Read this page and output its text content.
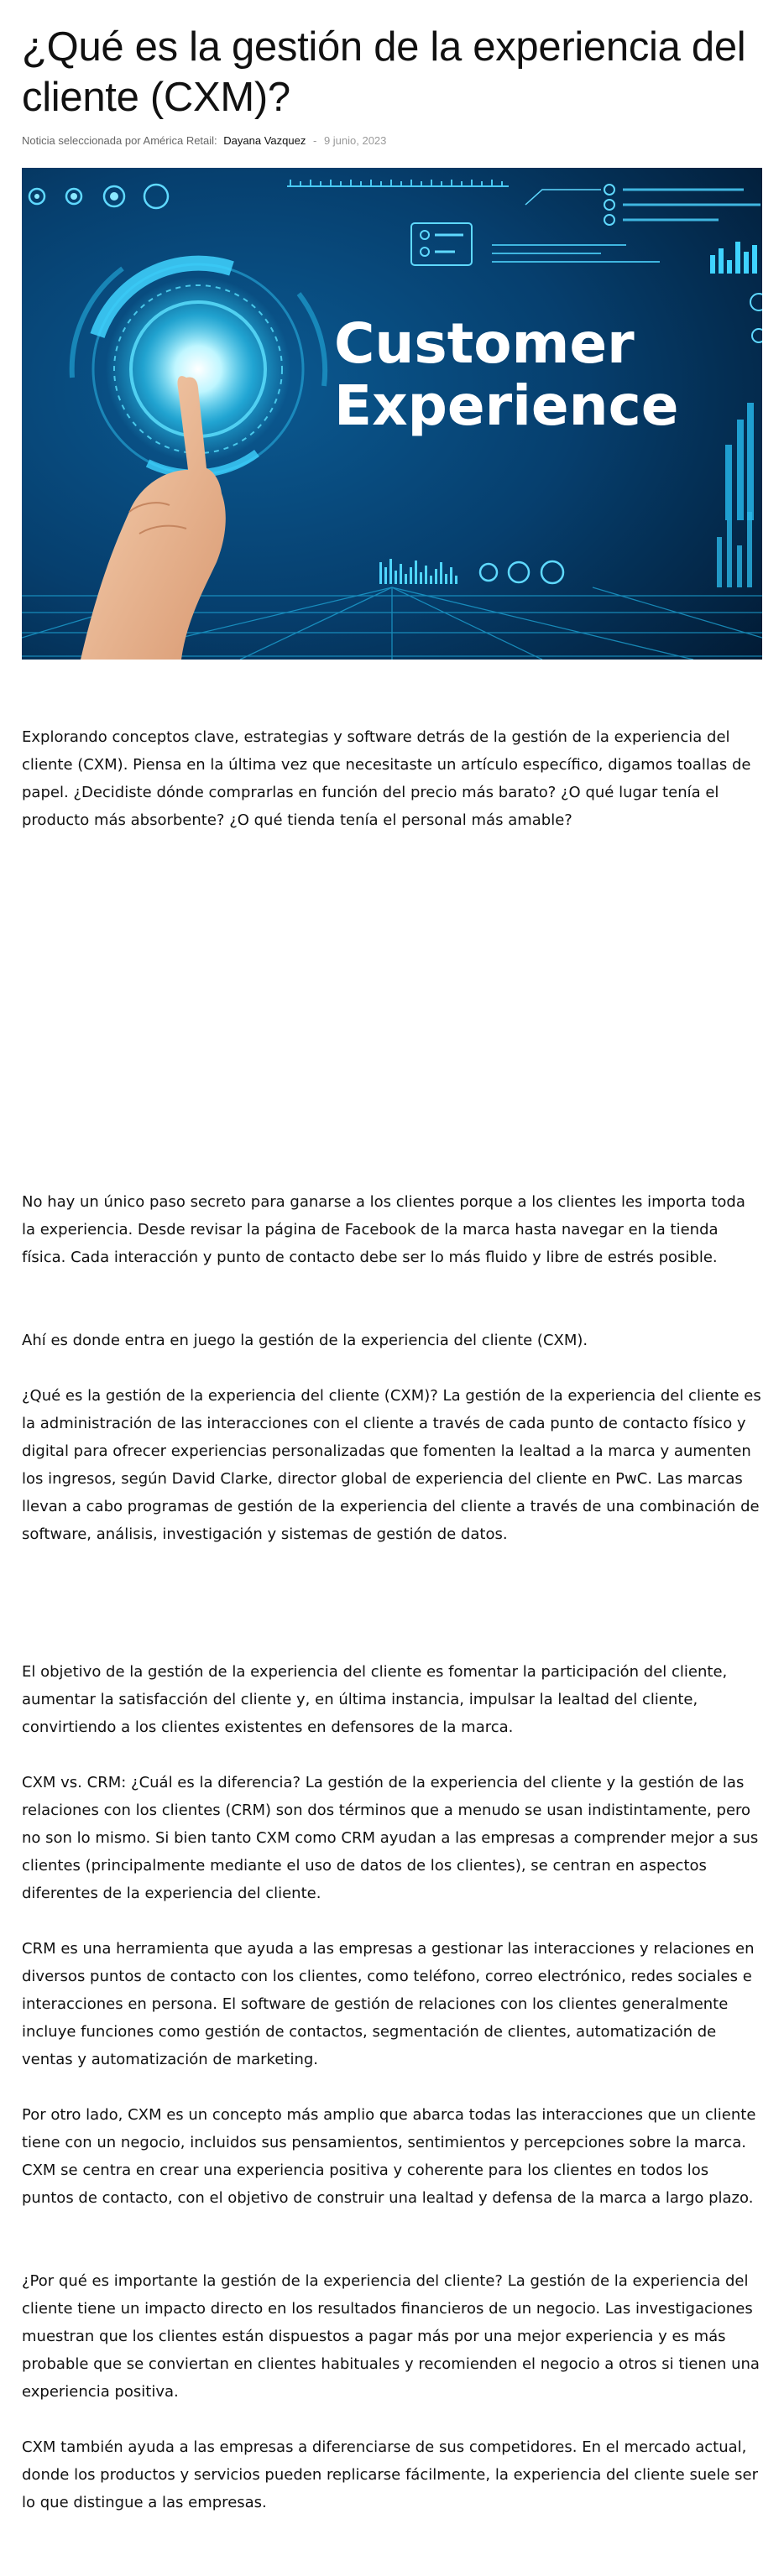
¿Qué es la gestión de la experiencia del cliente (CXM)?
Noticia seleccionada por América Retail: Dayana Vazquez - 9 junio, 2023
Customer
Experience

Explorando conceptos clave, estrategias y software detrás de la gestión de la experiencia del cliente (CXM). Piensa en la última vez que necesitaste un artículo específico, digamos toallas de papel. ¿Decidiste dónde comprarlas en función del precio más barato? ¿O qué lugar tenía el producto más absorbente? ¿O qué tienda tenía el personal más amable?

No hay un único paso secreto para ganarse a los clientes porque a los clientes les importa toda la experiencia. Desde revisar la página de Facebook de la marca hasta navegar en la tienda física. Cada interacción y punto de contacto debe ser lo más fluido y libre de estrés posible.

Ahí es donde entra en juego la gestión de la experiencia del cliente (CXM).

¿Qué es la gestión de la experiencia del cliente (CXM)? La gestión de la experiencia del cliente es la administración de las interacciones con el cliente a través de cada punto de contacto físico y digital para ofrecer experiencias personalizadas que fomenten la lealtad a la marca y aumenten los ingresos, según David Clarke, director global de experiencia del cliente en PwC. Las marcas llevan a cabo programas de gestión de la experiencia del cliente a través de una combinación de software, análisis, investigación y sistemas de gestión de datos.

El objetivo de la gestión de la experiencia del cliente es fomentar la participación del cliente, aumentar la satisfacción del cliente y, en última instancia, impulsar la lealtad del cliente, convirtiendo a los clientes existentes en defensores de la marca.

CXM vs. CRM: ¿Cuál es la diferencia? La gestión de la experiencia del cliente y la gestión de las relaciones con los clientes (CRM) son dos términos que a menudo se usan indistintamente, pero no son lo mismo. Si bien tanto CXM como CRM ayudan a las empresas a comprender mejor a sus clientes (principalmente mediante el uso de datos de los clientes), se centran en aspectos diferentes de la experiencia del cliente.

CRM es una herramienta que ayuda a las empresas a gestionar las interacciones y relaciones en diversos puntos de contacto con los clientes, como teléfono, correo electrónico, redes sociales e interacciones en persona. El software de gestión de relaciones con los clientes generalmente incluye funciones como gestión de contactos, segmentación de clientes, automatización de ventas y automatización de marketing.

Por otro lado, CXM es un concepto más amplio que abarca todas las interacciones que un cliente tiene con un negocio, incluidos sus pensamientos, sentimientos y percepciones sobre la marca. CXM se centra en crear una experiencia positiva y coherente para los clientes en todos los puntos de contacto, con el objetivo de construir una lealtad y defensa de la marca a largo plazo.

¿Por qué es importante la gestión de la experiencia del cliente? La gestión de la experiencia del cliente tiene un impacto directo en los resultados financieros de un negocio. Las investigaciones muestran que los clientes están dispuestos a pagar más por una mejor experiencia y es más probable que se conviertan en clientes habituales y recomienden el negocio a otros si tienen una experiencia positiva.

CXM también ayuda a las empresas a diferenciarse de sus competidores. En el mercado actual, donde los productos y servicios pueden replicarse fácilmente, la experiencia del cliente suele ser lo que distingue a las empresas.
